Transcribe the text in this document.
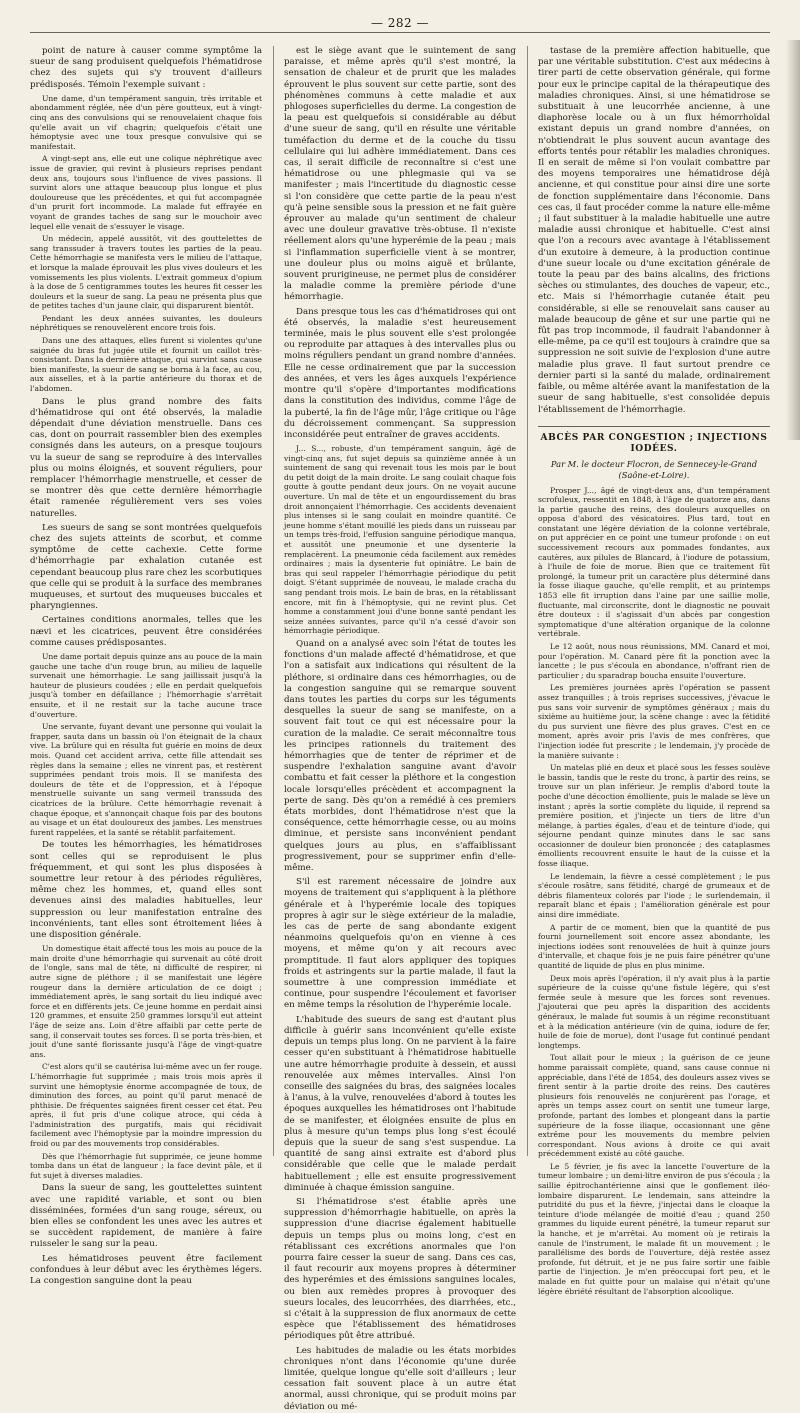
— 282 —

point de nature à causer comme symptôme la sueur de sang produisent quelquefois l'hématidrose chez des sujets qui s'y trouvent d'ailleurs prédisposés. Témoin l'exemple suivant :

Une dame, d'un tempérament sanguin, très irritable et abondamment réglée, née d'un père goutteux, eut à vingt-cinq ans des convulsions qui se renouvelaient chaque fois qu'elle avait un vif chagrin; quelquefois c'était une hémoptysie avec une toux presque convulsive qui se manifestait.

A vingt-sept ans, elle eut une colique néphrétique avec issue de gravier, qui revint à plusieurs reprises pendant deux ans, toujours sous l'influence de vives passions. Il survint alors une attaque beaucoup plus longue et plus douloureuse que les précédentes, et qui fut accompagnée d'un prurit fort incommode. La malade fut effrayée en voyant de grandes taches de sang sur le mouchoir avec lequel elle venait de s'essuyer le visage.

Un médecin, appelé aussitôt, vit des gouttelettes de sang transsuder à travers toutes les parties de la peau. Cette hémorrhagie se manifesta vers le milieu de l'attaque, et lorsque la malade éprouvait les plus vives douleurs et les vomissements les plus violents. L'extrait gommeux d'opium à la dose de 5 centigrammes toutes les heures fit cesser les douleurs et la sueur de sang. La peau ne présenta plus que de petites taches d'un jaune clair, qui disparurent bientôt.

Pendant les deux années suivantes, les douleurs néphrétiques se renouvelèrent encore trois fois.

Dans une des attaques, elles furent si violentes qu'une saignée du bras fut jugée utile et fournit un caillot très-consistant. Dans la dernière attaque, qui survint sans cause bien manifeste, la sueur de sang se borna à la face, au cou, aux aisselles, et à la partie antérieure du thorax et de l'abdomen.

Dans le plus grand nombre des faits d'hématidrose qui ont été observés, la maladie dépendait d'une déviation menstruelle. Dans ces cas, dont on pourrait rassembler bien des exemples consignés dans les auteurs, on a presque toujours vu la sueur de sang se reproduire à des intervalles plus ou moins éloignés, et souvent réguliers, pour remplacer l'hémorrhagie menstruelle, et cesser de se montrer dès que cette dernière hémorrhagie était ramenée régulièrement vers ses voies naturelles.

Les sueurs de sang se sont montrées quelquefois chez des sujets atteints de scorbut, et comme symptôme de cette cachexie. Cette forme d'hémorrhagie par exhalation cutanée est cependant beaucoup plus rare chez les scorbutiques que celle qui se produit à la surface des membranes muqueuses, et surtout des muqueuses buccales et pharyngiennes.

Certaines conditions anormales, telles que les nævi et les cicatrices, peuvent être considérées comme causes prédisposantes.

Une dame portait depuis quinze ans au pouce de la main gauche une tache d'un rouge brun, au milieu de laquelle survenait une hémorrhagie. Le sang jaillissait jusqu'à la hauteur de plusieurs coudées ; elle en perdait quelquefois jusqu'à tomber en défaillance ; l'hémorrhagie s'arrêtait ensuite, et il ne restait sur la tache aucune trace d'ouverture.

Une servante, fuyant devant une personne qui voulait la frapper, sauta dans un bassin où l'on éteignait de la chaux vive. La brûlure qui en résulta fut guérie en moins de deux mois. Quand cet accident arriva, cette fille attendait ses règles dans la semaine ; elles ne vinrent pas, et restèrent supprimées pendant trois mois. Il se manifesta des douleurs de tête et de l'oppression, et à l'époque menstruelle suivante un sang vermeil transsuda des cicatrices de la brûlure. Cette hémorrhagie revenait à chaque époque, et s'annonçait chaque fois par des boutons au visage et un état douloureux des jambes. Les menstrues furent rappelées, et la santé se rétablit parfaitement.

De toutes les hémorrhagies, les hématidroses sont celles qui se reproduisent le plus fréquemment, et qui sont les plus disposées à soumettre leur retour à des périodes régulières, même chez les hommes, et, quand elles sont devenues ainsi des maladies habituelles, leur suppression ou leur manifestation entraîne des inconvénients, tant elles sont étroitement liées à une disposition générale.

Un domestique était affecté tous les mois au pouce de la main droite d'une hémorrhagie qui survenait au côté droit de l'ongle, sans mal de tête, ni difficulté de respirer, ni autre signe de pléthore ; il se manifestait une légère rougeur dans la dernière articulation de ce doigt ; immédiatement après, le sang sortait du lieu indiqué avec force et en différents jets. Ce jeune homme en perdait ainsi 120 grammes, et ensuite 250 grammes lorsqu'il eut atteint l'âge de seize ans. Loin d'être affaibli par cette perte de sang, il conservait toutes ses forces. Il se porta très-bien, et jouit d'une santé florissante jusqu'à l'âge de vingt-quatre ans.

C'est alors qu'il se cautérisa lui-même avec un fer rouge. L'hémorrhagie fut supprimée ; mais trois mois après il survint une hémoptysie énorme accompagnée de toux, de diminution des forces, au point qu'il parut menacé de phthisie. De fréquentes saignées firent cesser cet état. Peu après, il fut pris d'une colique atroce, qui céda à l'administration des purgatifs, mais qui récidivait facilement avec l'hémoptysie par la moindre impression du froid ou par des mouvements trop considérables.

Dès que l'hémorrhagie fut supprimée, ce jeune homme tomba dans un état de langueur ; la face devint pâle, et il fut sujet à diverses maladies.

Dans la sueur de sang, les gouttelettes suintent avec une rapidité variable, et sont ou bien disséminées, formées d'un sang rouge, séreux, ou bien elles se confondent les unes avec les autres et se succèdent rapidement, de manière à faire ruisseler le sang sur la peau.

Les hématidroses peuvent être facilement confondues à leur début avec les érythèmes légers. La congestion sanguine dont la peau

est le siège avant que le suintement de sang paraisse, et même après qu'il s'est montré, la sensation de chaleur et de prurit que les malades éprouvent le plus souvent sur cette partie, sont des phénomènes communs à cette maladie et aux phlogoses superficielles du derme. La congestion de la peau est quelquefois si considérable au début d'une sueur de sang, qu'il en résulte une véritable tuméfaction du derme et de la couche du tissu cellulaire qui lui adhère immédiatement. Dans ces cas, il serait difficile de reconnaître si c'est une hématidrose ou une phlegmasie qui va se manifester ; mais l'incertitude du diagnostic cesse si l'on considère que cette partie de la peau n'est qu'à peine sensible sous la pression et ne fait guère éprouver au malade qu'un sentiment de chaleur avec une douleur gravative très-obtuse. Il n'existe réellement alors qu'une hyperémie de la peau ; mais si l'inflammation superficielle vient à se montrer, une douleur plus ou moins aiguë et brûlante, souvent prurigineuse, ne permet plus de considérer la maladie comme la première période d'une hémorrhagie.

Dans presque tous les cas d'hématidroses qui ont été observés, la maladie s'est heureusement terminée, mais le plus souvent elle s'est prolongée ou reproduite par attaques à des intervalles plus ou moins réguliers pendant un grand nombre d'années. Elle ne cesse ordinairement que par la succession des années, et vers les âges auxquels l'expérience montre qu'il s'opère d'importantes modifications dans la constitution des individus, comme l'âge de la puberté, la fin de l'âge mûr, l'âge critique ou l'âge du décroissement commençant. Sa suppression inconsidérée peut entraîner de graves accidents.

J... S..., robuste, d'un tempérament sanguin, âgé de vingt-cinq ans, fut sujet depuis sa quinzième année à un suintement de sang qui revenait tous les mois par le bout du petit doigt de la main droite. Le sang coulait chaque fois goutte à goutte pendant deux jours. On ne voyait aucune ouverture. Un mal de tête et un engourdissement du bras droit annonçaient l'hémorrhagie. Ces accidents devenaient plus intenses si le sang coulait en moindre quantité. Ce jeune homme s'étant mouillé les pieds dans un ruisseau par un temps très-froid, l'effusion sanguine périodique manqua, et aussitôt une pneumonie et une dysenterie la remplacèrent. La pneumonie céda facilement aux remèdes ordinaires ; mais la dysenterie fut opiniâtre. Le bain de bras qui seul rappeler l'hémorrhagie périodique du petit doigt. S'étant supprimée de nouveau, le malade cracha du sang pendant trois mois. Le bain de bras, en la rétablissant encore, mit fin à l'hémoptysie, qui ne revint plus. Cet homme a constamment joui d'une bonne santé pendant les seize années suivantes, parce qu'il n'a cessé d'avoir son hémorrhagie périodique.

Quand on a analysé avec soin l'état de toutes les fonctions d'un malade affecté d'hématidrose, et que l'on a satisfait aux indications qui résultent de la pléthore, si ordinaire dans ces hémorrhagies, ou de la congestion sanguine qui se remarque souvent dans toutes les parties du corps sur les téguments desquelles la sueur de sang se manifeste, on a souvent fait tout ce qui est nécessaire pour la curation de la maladie. Ce serait méconnaître tous les principes rationnels du traitement des hémorrhagies que de tenter de réprimer et de suspendre l'exhalation sanguine avant d'avoir combattu et fait cesser la pléthore et la congestion locale lorsqu'elles précèdent et accompagnent la perte de sang. Dès qu'on a remédié à ces premiers états morbides, dont l'hématidrose n'est que la conséquence, cette hémorrhagie cesse, ou au moins diminue, et persiste sans inconvénient pendant quelques jours au plus, en s'affaiblissant progressivement, pour se supprimer enfin d'elle-même.

S'il est rarement nécessaire de joindre aux moyens de traitement qui s'appliquent à la pléthore générale et à l'hyperémie locale des topiques propres à agir sur le siège extérieur de la maladie, les cas de perte de sang abondante exigent néanmoins quelquefois qu'on en vienne à ces moyens, et même qu'on y ait recours avec promptitude. Il faut alors appliquer des topiques froids et astringents sur la partie malade, il faut la soumettre à une compression immédiate et continue, pour suspendre l'écoulement et favoriser en même temps la résolution de l'hyperémie locale.

L'habitude des sueurs de sang est d'autant plus difficile à guérir sans inconvénient qu'elle existe depuis un temps plus long. On ne parvient à la faire cesser qu'en substituant à l'hématidrose habituelle une autre hémorrhagie produite à dessein, et aussi renouvelée aux mêmes intervalles. Ainsi l'on conseille des saignées du bras, des saignées locales à l'anus, à la vulve, renouvelées d'abord à toutes les époques auxquelles les hématidroses ont l'habitude de se manifester, et éloignées ensuite de plus en plus à mesure qu'un temps plus long s'est écoulé depuis que la sueur de sang s'est suspendue. La quantité de sang ainsi extraite est d'abord plus considérable que celle que le malade perdait habituellement ; elle est ensuite progressivement diminuée à chaque émission sanguine.

Si l'hématidrose s'est établie après une suppression d'hémorrhagie habituelle, on après la suppression d'une diacrise également habituelle depuis un temps plus ou moins long, c'est en rétablissant ces excrétions anormales que l'on pourra faire cesser la sueur de sang. Dans ces cas, il faut recourir aux moyens propres à déterminer des hyperémies et des émissions sanguines locales, ou bien aux remèdes propres à provoquer des sueurs locales, des leucorrhées, des diarrhées, etc., si c'était à la suppression de flux anormaux de cette espèce que l'établissement des hématidroses périodiques pût être attribué.

Les habitudes de maladie ou les états morbides chroniques n'ont dans l'économie qu'une durée limitée, quelque longue qu'elle soit d'ailleurs ; leur cessation fait souvent place à un autre état anormal, aussi chronique, qui se produit moins par déviation ou mé-

tastase de la première affection habituelle, que par une véritable substitution. C'est aux médecins à tirer parti de cette observation générale, qui forme pour eux le principe capital de la thérapeutique des maladies chroniques. Ainsi, si une hématidrose se substituait à une leucorrhée ancienne, à une diaphorèse locale ou à un flux hémorrhoïdal existant depuis un grand nombre d'années, on n'obtiendrait le plus souvent aucun avantage des efforts tentés pour rétablir les maladies chroniques. Il en serait de même si l'on voulait combattre par des moyens temporaires une hématidrose déjà ancienne, et qui constitue pour ainsi dire une sorte de fonction supplémentaire dans l'économie. Dans ces cas, il faut procéder comme la nature elle-même ; il faut substituer à la maladie habituelle une autre maladie aussi chronique et habituelle. C'est ainsi que l'on a recours avec avantage à l'établissement d'un exutoire à demeure, à la production continue d'une sueur locale ou d'une excitation générale de toute la peau par des bains alcalins, des frictions sèches ou stimulantes, des douches de vapeur, etc., etc. Mais si l'hémorrhagie cutanée était peu considérable, si elle se renouvelait sans causer au malade beaucoup de gêne et sur une partie qui ne fût pas trop incommode, il faudrait l'abandonner à elle-même, pa ce qu'il est toujours à craindre que sa suppression ne soit suivie de l'explosion d'une autre maladie plus grave. Il faut surtout prendre ce dernier parti si la santé du malade, ordinairement faible, ou même altérée avant la manifestation de la sueur de sang habituelle, s'est consolidée depuis l'établissement de l'hémorrhagie.

ABCÈS PAR CONGESTION ; INJECTIONS IODÉES.
Par M. le docteur Flocron, de Sennecey-le-Grand (Saône-et-Loire).

Prosper J..., âgé de vingt-deux ans, d'un tempérament scrofuleux, ressentit en 1848, à l'âge de quatorze ans, dans la partie gauche des reins, des douleurs auxquelles on opposa d'abord des vésicatoires. Plus tard, tout en constatant une légère déviation de la colonne vertébrale, on put apprécier en ce point une tumeur profonde : on eut successivement recours aux pommades fondantes, aux cautères, aux pilules de Blancard, à l'iodure de potassium, à l'huile de foie de morue. Bien que ce traitement fût prolongé, la tumeur prit un caractère plus déterminé dans la fosse iliaque gauche, qu'elle remplit, et au printemps 1853 elle fit irruption dans l'aine par une saillie molle, fluctuante, mal circonscrite, dont le diagnostic ne pouvait être douteux : il s'agissait d'un abcès par congestion symptomatique d'une altération organique de la colonne vertébrale.

Le 12 août, nous nous réunissions, MM. Canard et moi, pour l'opération. M. Canard père fit la ponction avec la lancette ; le pus s'écoula en abondance, n'offrant rien de particulier ; du sparadrap boucha ensuite l'ouverture.

Les premières journées après l'opération se passent assez tranquilles ; à trois reprises successives, j'évacue le pus sans voir survenir de symptômes généraux ; mais du sixième au huitième jour, la scène change : avec la fétidité du pus survient une fièvre des plus graves. C'est en ce moment, après avoir pris l'avis de mes confrères, que l'injection iodée fut prescrite ; le lendemain, j'y procède de la manière suivante :

Un matelas plié en deux et placé sous les fesses soulève le bassin, tandis que le reste du tronc, à partir des reins, se trouve sur un plan inférieur. Je remplis d'abord toute la poche d'une décoction émolliente, puis le malade se lève un instant ; après la sortie complète du liquide, il reprend sa première position, et j'injecte un tiers de litre d'un mélange, à parties égales, d'eau et de teinture d'iode, qui séjourne pendant quinze minutes dans le sac sans occasionner de douleur bien prononcée ; des cataplasmes émollients recouvrent ensuite le haut de la cuisse et la fosse iliaque.

Le lendemain, la fièvre a cessé complètement ; le pus s'écoule rosâtre, sans fétidité, chargé de grumeaux et de débris filamenteux colorés par l'iode ; le surlendemain, il reparaît blanc et épais ; l'amélioration générale est pour ainsi dire immédiate.

A partir de ce moment, bien que la quantité de pus fourni journellement soit encore assez abondante, les injections iodées sont renouvelées de huit à quinze jours d'intervalle, et chaque fois je ne puis faire pénétrer qu'une quantité de liquide de plus en plus minime.

Deux mois après l'opération, il n'y avait plus à la partie supérieure de la cuisse qu'une fistule légère, qui s'est fermée seule à mesure que les forces sont revenues. J'ajouterai que peu après la disparition des accidents généraux, le malade fut soumis à un régime reconstituant et à la médication antérieure (vin de quina, iodure de fer, huile de foie de morue), dont l'usage fut continué pendant longtemps.

Tout allait pour le mieux ; la guérison de ce jeune homme paraissait complète, quand, sans cause connue ni appréciable, dans l'été de 1854, des douleurs assez vives se firent sentir à la partie droite des reins. Des cautères plusieurs fois renouvelés ne conjurèrent pas l'orage, et après un temps assez court on sentit une tumeur large, profonde, partant des lombes et plongeant dans la partie supérieure de la fosse iliaque, occasionnant une gêne extrême pour les mouvements du membre pelvien correspondant. Nous avions à droite ce qui avait précédemment existé au côté gauche.

Le 5 février, je fis avec la lancette l'ouverture de la tumeur lombaire ; un demi-litre environ de pus s'écoula ; la saillie épitrochantérienne ainsi que le gonflement iléo-lombaire disparurent. Le lendemain, sans atteindre la putridité du pus et la fièvre, j'injectai dans le cloaque la teinture d'iode mélangée de moitié d'eau ; quand 250 grammes du liquide eurent pénétré, la tumeur reparut sur la hanche, et je m'arrêtai. Au moment où je retirais la canule de l'instrument, le malade fit un mouvement ; le parallélisme des bords de l'ouverture, déjà restée assez profonde, fut détruit, et je ne pus faire sortir une faible partie de l'injection. Je m'en préoccupai fort peu, et le malade en fut quitte pour un malaise qui n'était qu'une légère ébriété résultant de l'absorption alcoolique.
